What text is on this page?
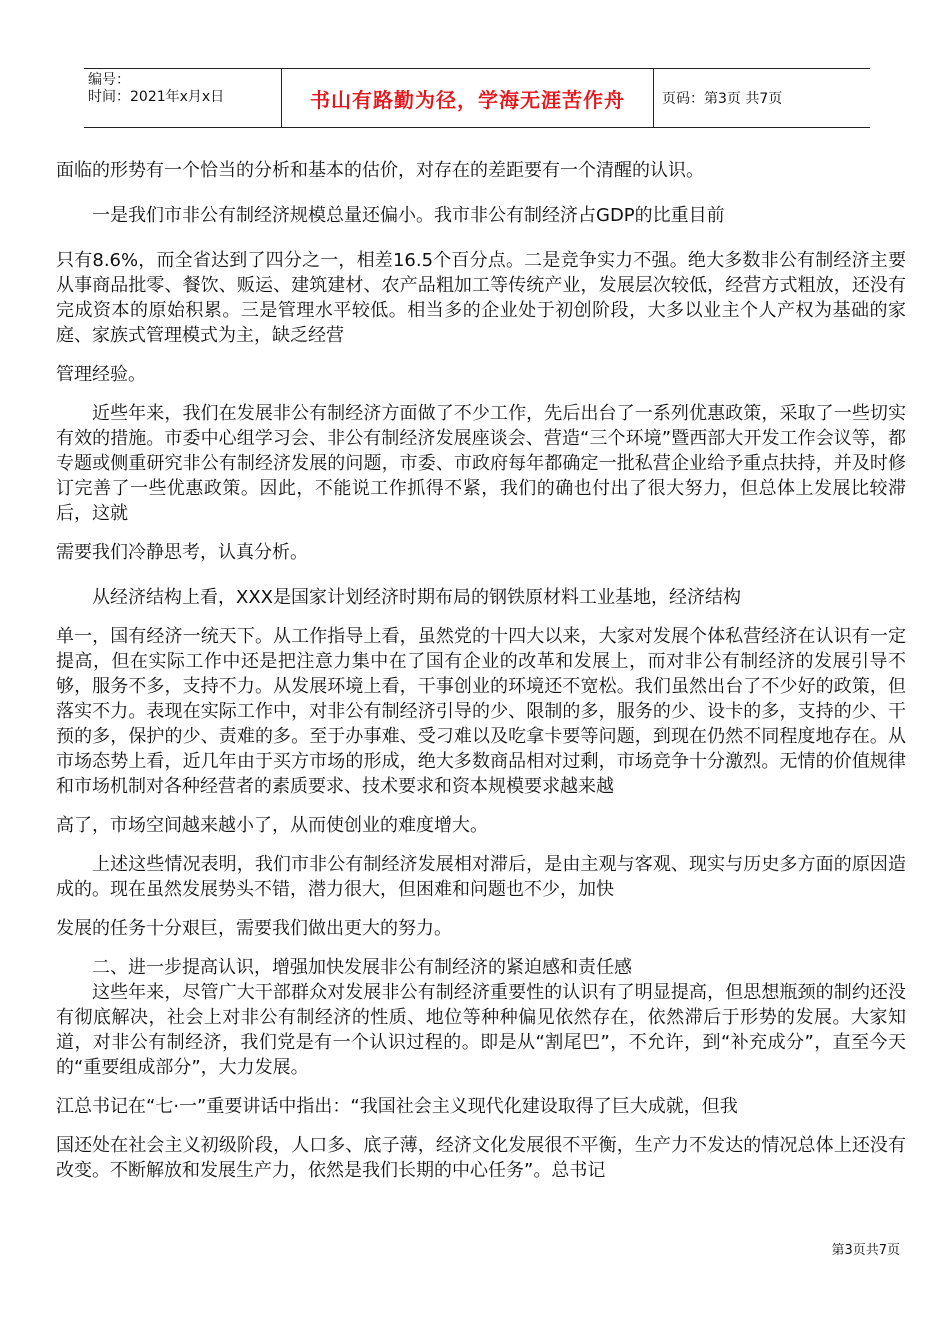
编号：
时间：2021年x月x日	书山有路勤为径，学海无涯苦作舟	页码：第3页 共7页

面临的形势有一个恰当的分析和基本的估价，对存在的差距要有一个清醒的认识。

一是我们市非公有制经济规模总量还偏小。我市非公有制经济占GDP的比重目前

只有8.6%，而全省达到了四分之一，相差16.5个百分点。二是竞争实力不强。绝大多数非公有制经济主要从事商品批零、餐饮、贩运、建筑建材、农产品粗加工等传统产业，发展层次较低，经营方式粗放，还没有完成资本的原始积累。三是管理水平较低。相当多的企业处于初创阶段，大多以业主个人产权为基础的家庭、家族式管理模式为主，缺乏经营

管理经验。

近些年来，我们在发展非公有制经济方面做了不少工作，先后出台了一系列优惠政策，采取了一些切实有效的措施。市委中心组学习会、非公有制经济发展座谈会、营造“三个环境”暨西部大开发工作会议等，都专题或侧重研究非公有制经济发展的问题，市委、市政府每年都确定一批私营企业给予重点扶持，并及时修订完善了一些优惠政策。因此，不能说工作抓得不紧，我们的确也付出了很大努力，但总体上发展比较滞后，这就

需要我们冷静思考，认真分析。

从经济结构上看，XXX是国家计划经济时期布局的钢铁原材料工业基地，经济结构

单一，国有经济一统天下。从工作指导上看，虽然党的十四大以来，大家对发展个体私营经济在认识有一定提高，但在实际工作中还是把注意力集中在了国有企业的改革和发展上，而对非公有制经济的发展引导不够，服务不多，支持不力。从发展环境上看，干事创业的环境还不宽松。我们虽然出台了不少好的政策，但落实不力。表现在实际工作中，对非公有制经济引导的少、限制的多，服务的少、设卡的多，支持的少、干预的多，保护的少、责难的多。至于办事难、受刁难以及吃拿卡要等问题，到现在仍然不同程度地存在。从市场态势上看，近几年由于买方市场的形成，绝大多数商品相对过剩，市场竞争十分激烈。无情的价值规律和市场机制对各种经营者的素质要求、技术要求和资本规模要求越来越

高了，市场空间越来越小了，从而使创业的难度增大。

上述这些情况表明，我们市非公有制经济发展相对滞后，是由主观与客观、现实与历史多方面的原因造成的。现在虽然发展势头不错，潜力很大，但困难和问题也不少，加快

发展的任务十分艰巨，需要我们做出更大的努力。

二、进一步提高认识，增强加快发展非公有制经济的紧迫感和责任感

这些年来，尽管广大干部群众对发展非公有制经济重要性的认识有了明显提高，但思想瓶颈的制约还没有彻底解决，社会上对非公有制经济的性质、地位等种种偏见依然存在，依然滞后于形势的发展。大家知道，对非公有制经济，我们党是有一个认识过程的。即是从“割尾巴”，不允许，到“补充成分”，直至今天的“重要组成部分”，大力发展。

江总书记在“七·一”重要讲话中指出：“我国社会主义现代化建设取得了巨大成就，但我

国还处在社会主义初级阶段，人口多、底子薄，经济文化发展很不平衡，生产力不发达的情况总体上还没有改变。不断解放和发展生产力，依然是我们长期的中心任务”。总书记

第3页共7页
